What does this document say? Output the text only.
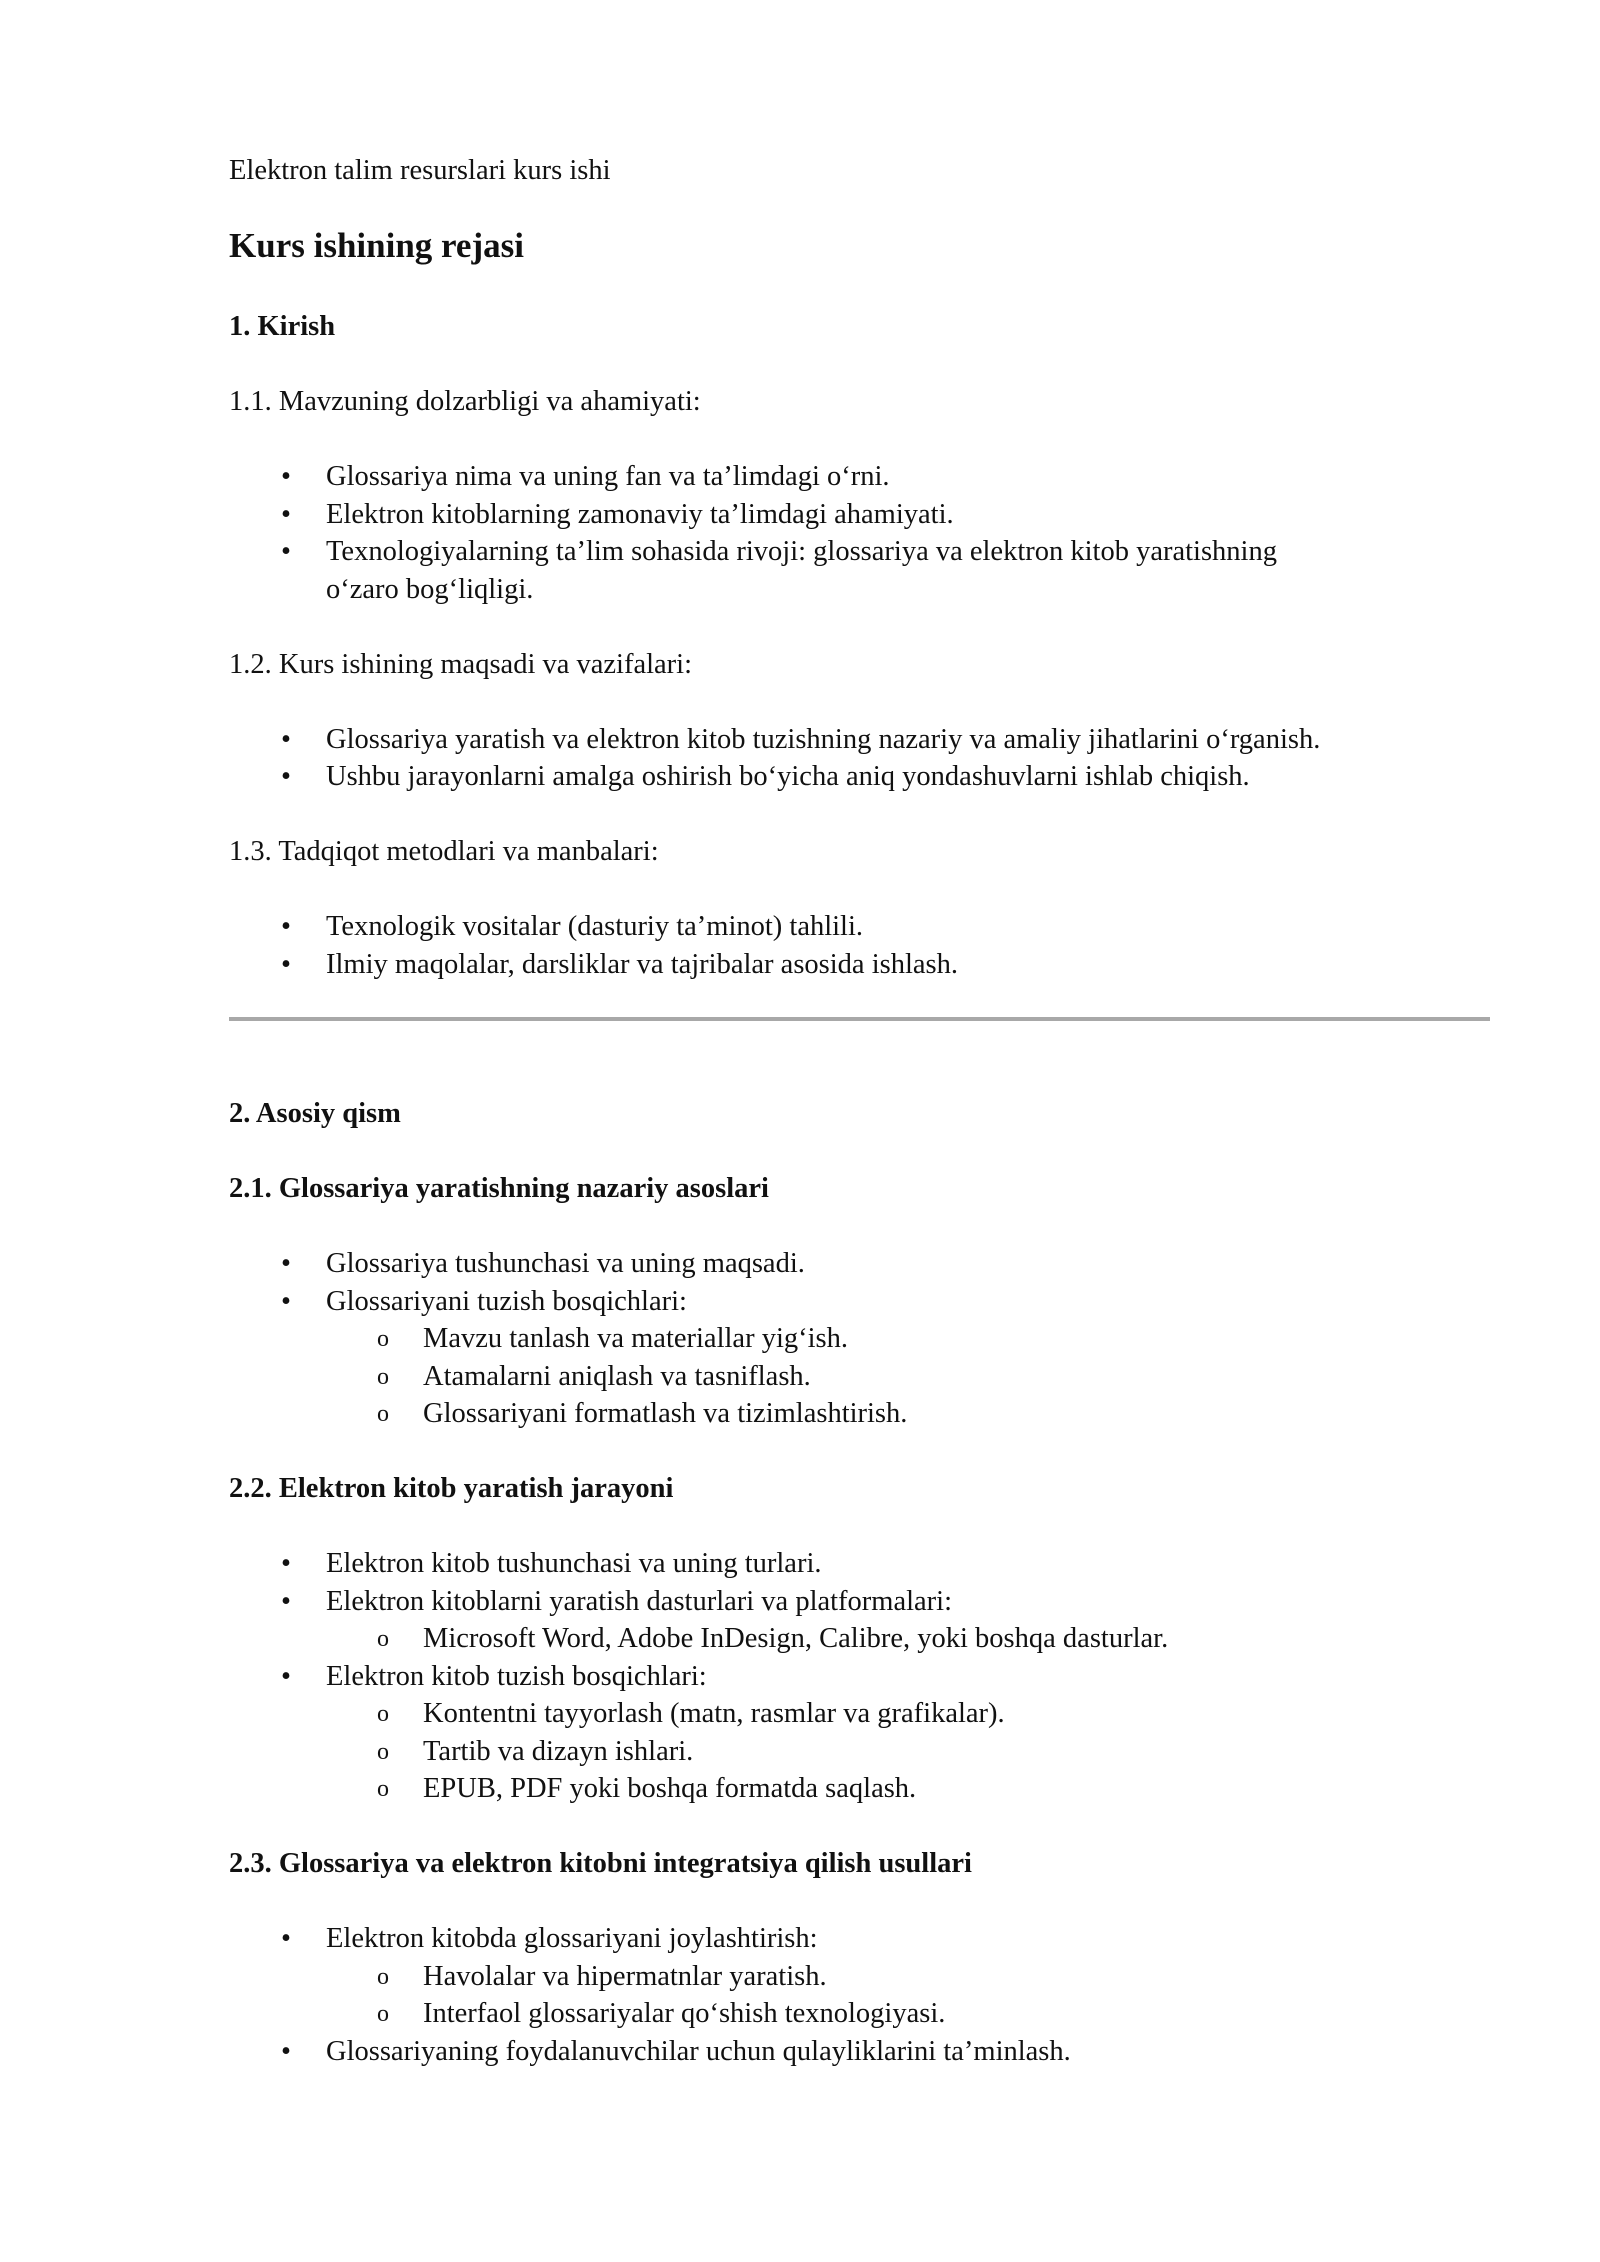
Elektron talim resurslari kurs ishi
Kurs ishining rejasi
1. Kirish
1.1. Mavzuning dolzarbligi va ahamiyati:
• Glossariya nima va uning fan va ta’limdagi o‘rni.
• Elektron kitoblarning zamonaviy ta’limdagi ahamiyati.
• Texnologiyalarning ta’lim sohasida rivoji: glossariya va elektron kitob yaratishning
o‘zaro bog‘liqligi.
1.2. Kurs ishining maqsadi va vazifalari:
• Glossariya yaratish va elektron kitob tuzishning nazariy va amaliy jihatlarini o‘rganish.
• Ushbu jarayonlarni amalga oshirish bo‘yicha aniq yondashuvlarni ishlab chiqish.
1.3. Tadqiqot metodlari va manbalari:
• Texnologik vositalar (dasturiy ta’minot) tahlili.
• Ilmiy maqolalar, darsliklar va tajribalar asosida ishlash.
2. Asosiy qism
2.1. Glossariya yaratishning nazariy asoslari
• Glossariya tushunchasi va uning maqsadi.
• Glossariyani tuzish bosqichlari:
o Mavzu tanlash va materiallar yig‘ish.
o Atamalarni aniqlash va tasniflash.
o Glossariyani formatlash va tizimlashtirish.
2.2. Elektron kitob yaratish jarayoni
• Elektron kitob tushunchasi va uning turlari.
• Elektron kitoblarni yaratish dasturlari va platformalari:
o Microsoft Word, Adobe InDesign, Calibre, yoki boshqa dasturlar.
• Elektron kitob tuzish bosqichlari:
o Kontentni tayyorlash (matn, rasmlar va grafikalar).
o Tartib va dizayn ishlari.
o EPUB, PDF yoki boshqa formatda saqlash.
2.3. Glossariya va elektron kitobni integratsiya qilish usullari
• Elektron kitobda glossariyani joylashtirish:
o Havolalar va hipermatnlar yaratish.
o Interfaol glossariyalar qo‘shish texnologiyasi.
• Glossariyaning foydalanuvchilar uchun qulayliklarini ta’minlash.
